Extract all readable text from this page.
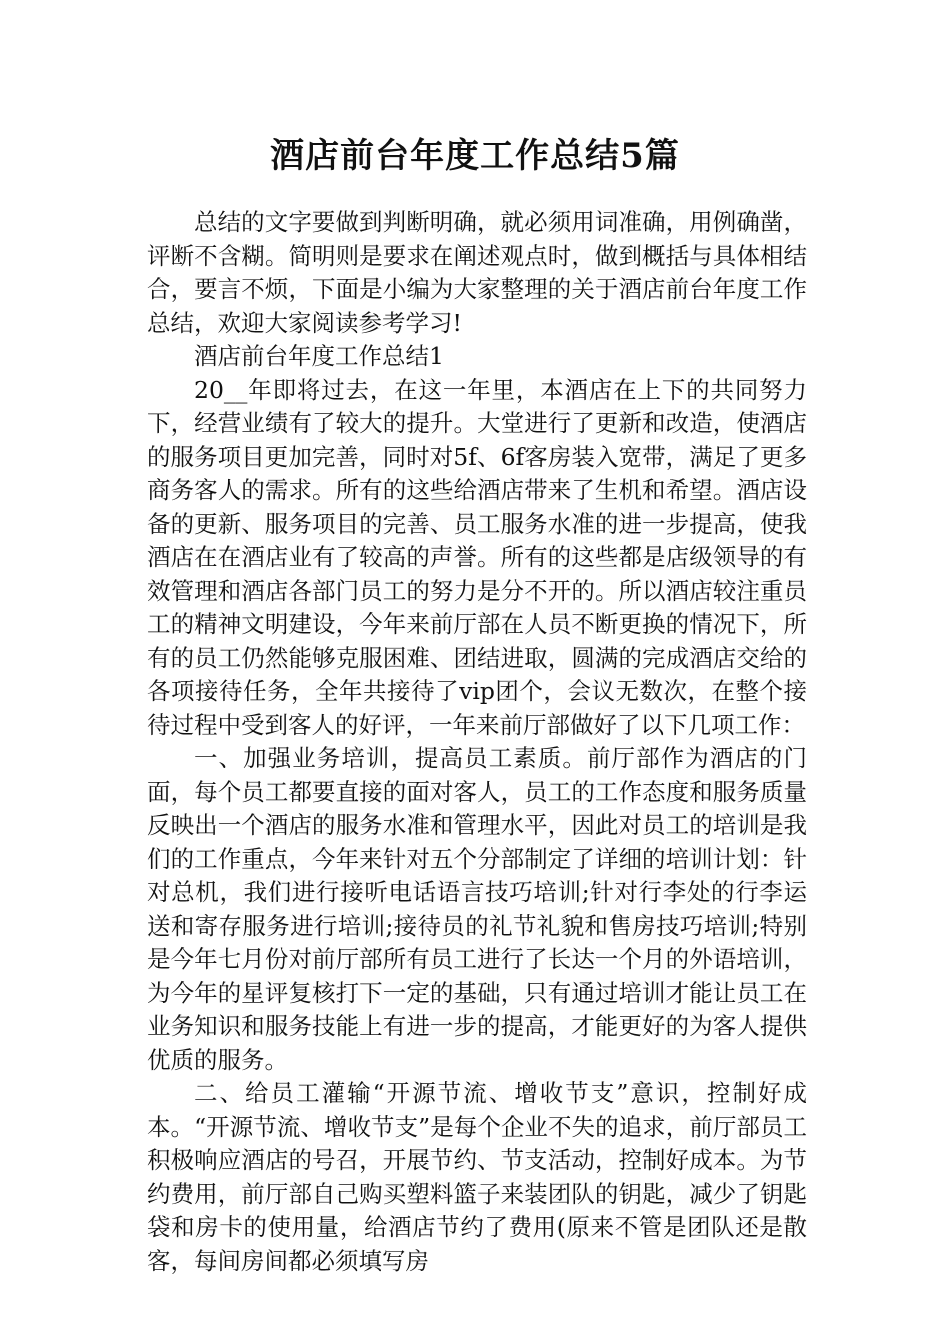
酒店前台年度工作总结5篇

总结的文字要做到判断明确，就必须用词准确，用例确凿，评断不含糊。简明则是要求在阐述观点时，做到概括与具体相结合，要言不烦，下面是小编为大家整理的关于酒店前台年度工作总结，欢迎大家阅读参考学习!

酒店前台年度工作总结1

20__年即将过去，在这一年里，本酒店在上下的共同努力下，经营业绩有了较大的提升。大堂进行了更新和改造，使酒店的服务项目更加完善，同时对5f、6f客房装入宽带，满足了更多商务客人的需求。所有的这些给酒店带来了生机和希望。酒店设备的更新、服务项目的完善、员工服务水准的进一步提高，使我酒店在在酒店业有了较高的声誉。所有的这些都是店级领导的有效管理和酒店各部门员工的努力是分不开的。所以酒店较注重员工的精神文明建设，今年来前厅部在人员不断更换的情况下，所有的员工仍然能够克服困难、团结进取，圆满的完成酒店交给的各项接待任务，全年共接待了vip团个，会议无数次，在整个接待过程中受到客人的好评，一年来前厅部做好了以下几项工作：

一、加强业务培训，提高员工素质。前厅部作为酒店的门面，每个员工都要直接的面对客人，员工的工作态度和服务质量反映出一个酒店的服务水准和管理水平，因此对员工的培训是我们的工作重点，今年来针对五个分部制定了详细的培训计划：针对总机，我们进行接听电话语言技巧培训;针对行李处的行李运送和寄存服务进行培训;接待员的礼节礼貌和售房技巧培训;特别是今年七月份对前厅部所有员工进行了长达一个月的外语培训，为今年的星评复核打下一定的基础，只有通过培训才能让员工在业务知识和服务技能上有进一步的提高，才能更好的为客人提供优质的服务。

二、给员工灌输“开源节流、增收节支”意识，控制好成本。“开源节流、增收节支”是每个企业不失的追求，前厅部员工积极响应酒店的号召，开展节约、节支活动，控制好成本。为节约费用，前厅部自己购买塑料篮子来装团队的钥匙，减少了钥匙袋和房卡的使用量，给酒店节约了费用(原来不管是团队还是散客，每间房间都必须填写房
